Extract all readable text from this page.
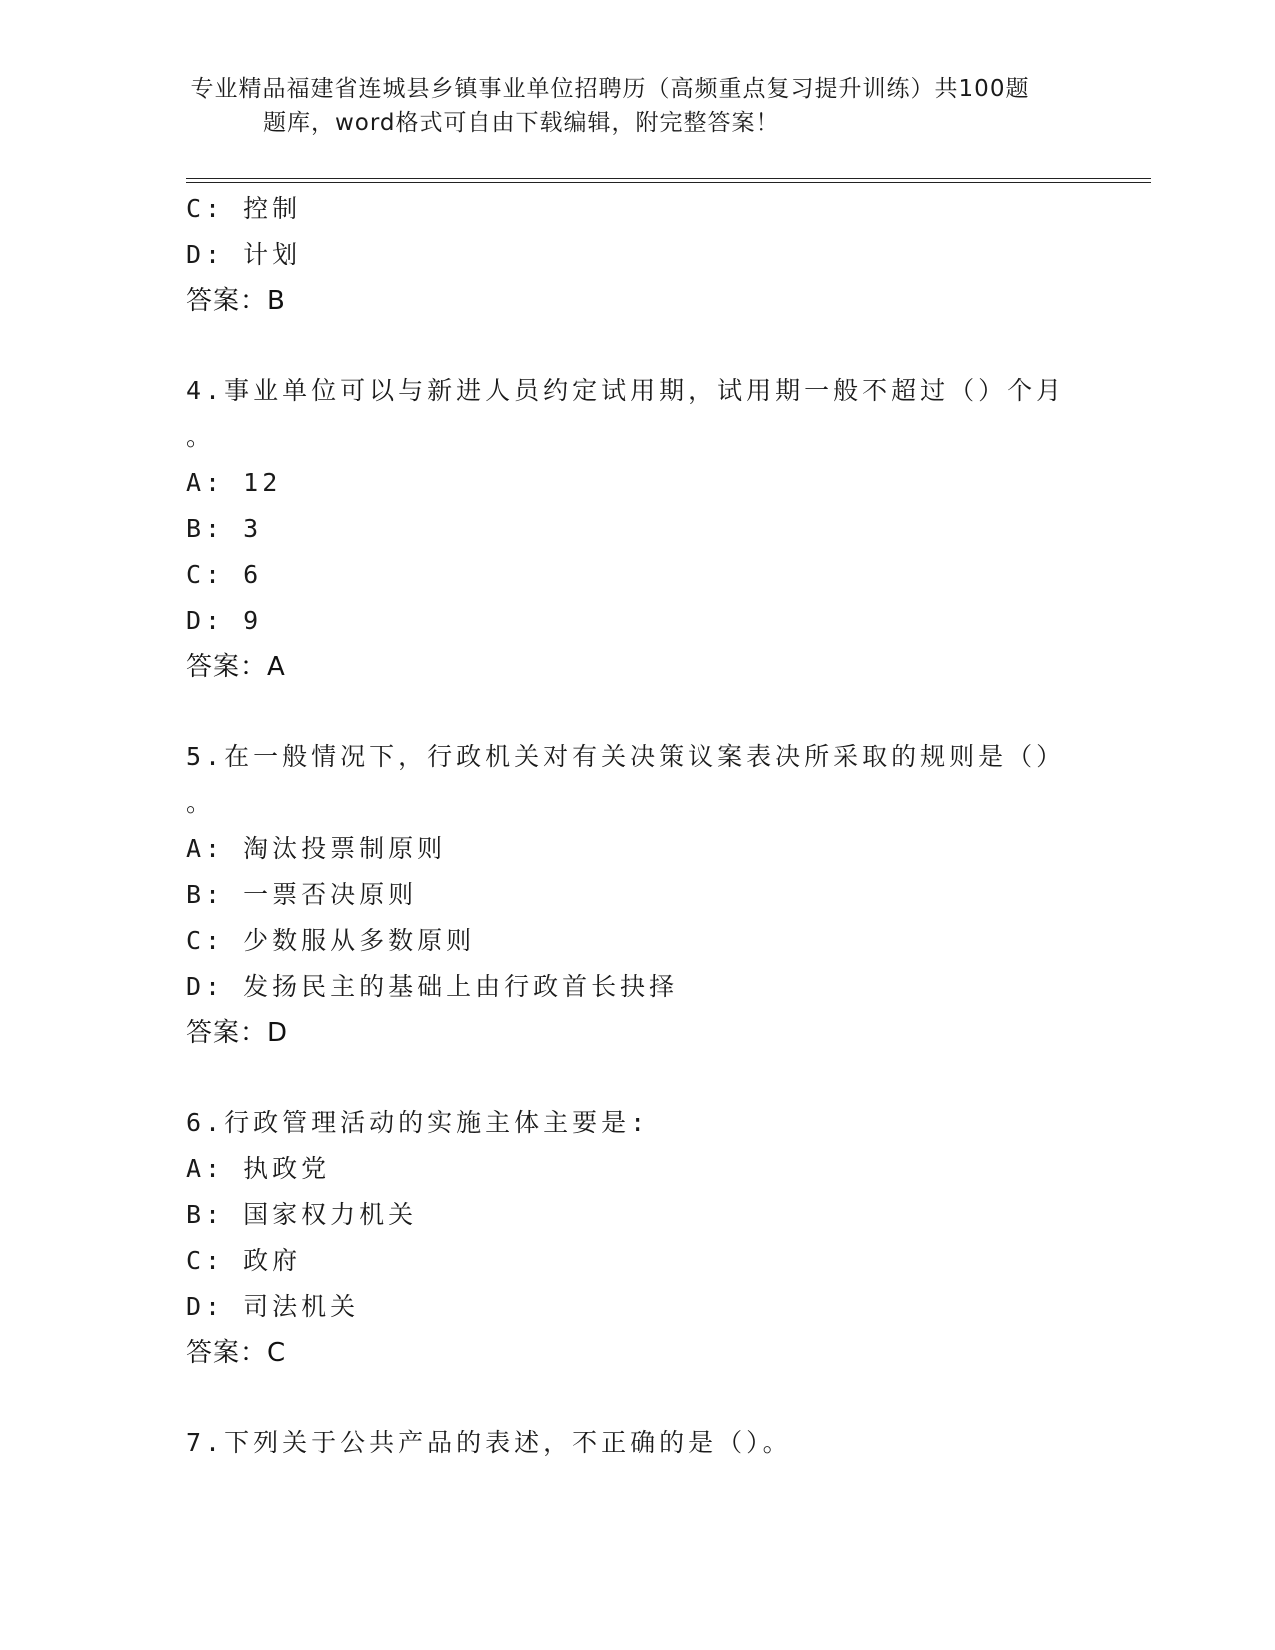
专业精品福建省连城县乡镇事业单位招聘历（高频重点复习提升训练）共100题
题库，word格式可自由下载编辑，附完整答案！
C: 控制
D: 计划
答案：B
4.事业单位可以与新进人员约定试用期，试用期一般不超过（）个月
。
A: 12
B: 3
C: 6
D: 9
答案：A
5.在一般情况下，行政机关对有关决策议案表决所采取的规则是（）
。
A: 淘汰投票制原则
B: 一票否决原则
C: 少数服从多数原则
D: 发扬民主的基础上由行政首长抉择
答案：D
6.行政管理活动的实施主体主要是:
A: 执政党
B: 国家权力机关
C: 政府
D: 司法机关
答案：C
7.下列关于公共产品的表述，不正确的是（）。
